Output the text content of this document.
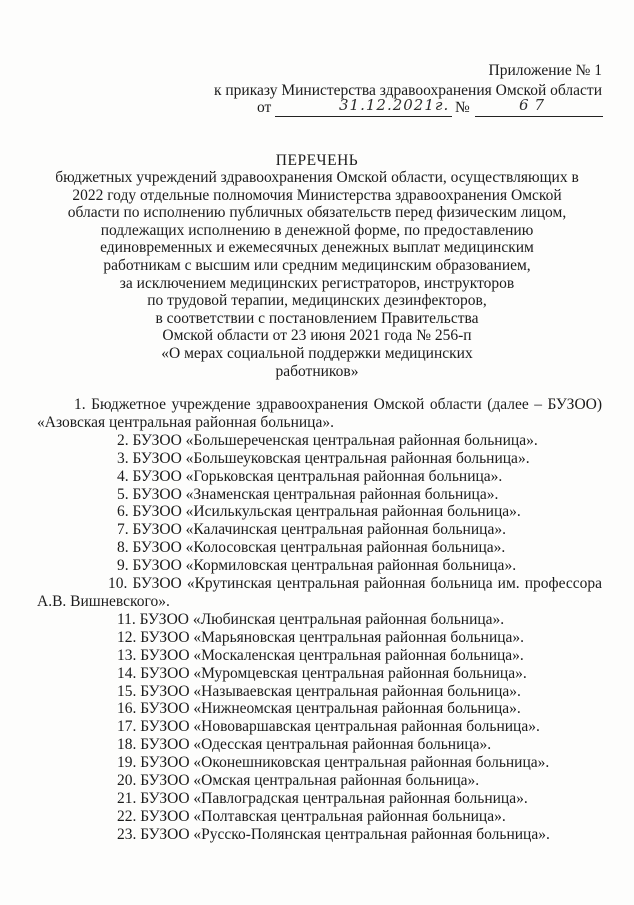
Приложение № 1
к приказу Министерства здравоохранения Омской области
от	31.12.2021г. №	67
ПЕРЕЧЕНЬ
бюджетных учреждений здравоохранения Омской области, осуществляющих в
2022 году отдельные полномочия Министерства здравоохранения Омской
области по исполнению публичных обязательств перед физическим лицом,
подлежащих исполнению в денежной форме, по предоставлению
единовременных и ежемесячных денежных выплат медицинским
работникам с высшим или средним медицинским образованием,
за исключением медицинских регистраторов, инструкторов
по трудовой терапии, медицинских дезинфекторов,
в соответствии с постановлением Правительства
Омской области от 23 июня 2021 года № 256-п
«О мерах социальной поддержки медицинских
работников»
1. Бюджетное учреждение здравоохранения Омской области (далее – БУЗОО) «Азовская центральная районная больница».
2. БУЗОО «Большереченская центральная районная больница».
3. БУЗОО «Большеуковская центральная районная больница».
4. БУЗОО «Горьковская центральная районная больница».
5. БУЗОО «Знаменская центральная районная больница».
6. БУЗОО «Исилькульская центральная районная больница».
7. БУЗОО «Калачинская центральная районная больница».
8. БУЗОО «Колосовская центральная районная больница».
9. БУЗОО «Кормиловская центральная районная больница».
10. БУЗОО «Крутинская центральная районная больница им. профессора А.В. Вишневского».
11. БУЗОО «Любинская центральная районная больница».
12. БУЗОО «Марьяновская центральная районная больница».
13. БУЗОО «Москаленская центральная районная больница».
14. БУЗОО «Муромцевская центральная районная больница».
15. БУЗОО «Называевская центральная районная больница».
16. БУЗОО «Нижнеомская центральная районная больница».
17. БУЗОО «Нововаршавская центральная районная больница».
18. БУЗОО «Одесская центральная районная больница».
19. БУЗОО «Оконешниковская центральная районная больница».
20. БУЗОО «Омская центральная районная больница».
21. БУЗОО «Павлоградская центральная районная больница».
22. БУЗОО «Полтавская центральная районная больница».
23. БУЗОО «Русско-Полянская центральная районная больница».
